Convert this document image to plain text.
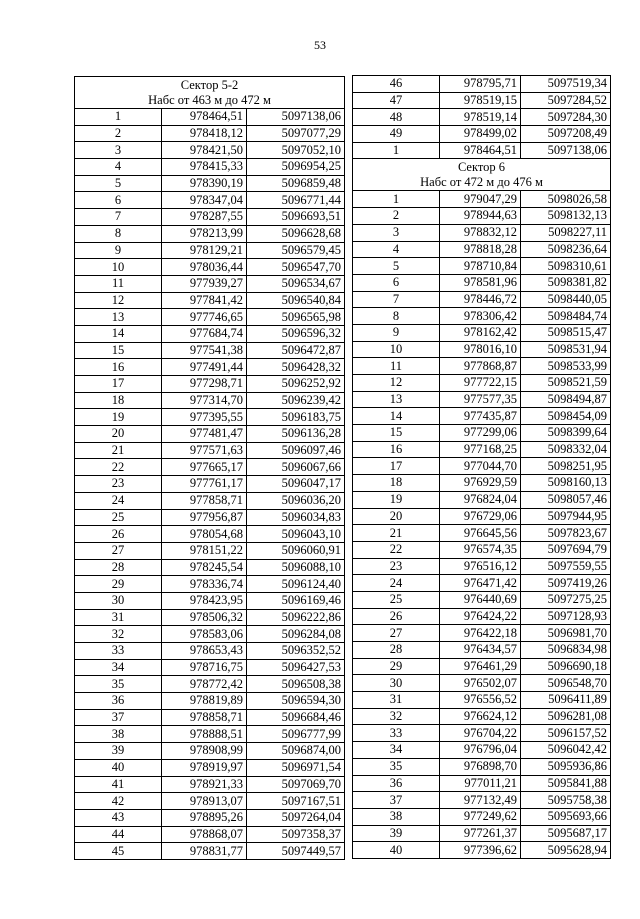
53
Сектор 5-2
Набс от 463 м до 472 м		

1	978464,51	5097138,06
2	978418,12	5097077,29
3	978421,50	5097052,10
4	978415,33	5096954,25
5	978390,19	5096859,48
6	978347,04	5096771,44
7	978287,55	5096693,51
8	978213,99	5096628,68
9	978129,21	5096579,45
10	978036,44	5096547,70
11	977939,27	5096534,67
12	977841,42	5096540,84
13	977746,65	5096565,98
14	977684,74	5096596,32
15	977541,38	5096472,87
16	977491,44	5096428,32
17	977298,71	5096252,92
18	977314,70	5096239,42
19	977395,55	5096183,75
20	977481,47	5096136,28
21	977571,63	5096097,46
22	977665,17	5096067,66
23	977761,17	5096047,17
24	977858,71	5096036,20
25	977956,87	5096034,83
26	978054,68	5096043,10
27	978151,22	5096060,91
28	978245,54	5096088,10
29	978336,74	5096124,40
30	978423,95	5096169,46
31	978506,32	5096222,86
32	978583,06	5096284,08
33	978653,43	5096352,52
34	978716,75	5096427,53
35	978772,42	5096508,38
36	978819,89	5096594,30
37	978858,71	5096684,46
38	978888,51	5096777,99
39	978908,99	5096874,00
40	978919,97	5096971,54
41	978921,33	5097069,70
42	978913,07	5097167,51
43	978895,26	5097264,04
44	978868,07	5097358,37
45	978831,77	5097449,57
46	978795,71	5097519,34
47	978519,15	5097284,52
48	978519,14	5097284,30
49	978499,02	5097208,49
1	978464,51	5097138,06

Сектор 6
Набс от 472 м до 476 м		

1	979047,29	5098026,58
2	978944,63	5098132,13
3	978832,12	5098227,11
4	978818,28	5098236,64
5	978710,84	5098310,61
6	978581,96	5098381,82
7	978446,72	5098440,05
8	978306,42	5098484,74
9	978162,42	5098515,47
10	978016,10	5098531,94
11	977868,87	5098533,99
12	977722,15	5098521,59
13	977577,35	5098494,87
14	977435,87	5098454,09
15	977299,06	5098399,64
16	977168,25	5098332,04
17	977044,70	5098251,95
18	976929,59	5098160,13
19	976824,04	5098057,46
20	976729,06	5097944,95
21	976645,56	5097823,67
22	976574,35	5097694,79
23	976516,12	5097559,55
24	976471,42	5097419,26
25	976440,69	5097275,25
26	976424,22	5097128,93
27	976422,18	5096981,70
28	976434,57	5096834,98
29	976461,29	5096690,18
30	976502,07	5096548,70
31	976556,52	5096411,89
32	976624,12	5096281,08
33	976704,22	5096157,52
34	976796,04	5096042,42
35	976898,70	5095936,86
36	977011,21	5095841,88
37	977132,49	5095758,38
38	977249,62	5095693,66
39	977261,37	5095687,17
40	977396,62	5095628,94
